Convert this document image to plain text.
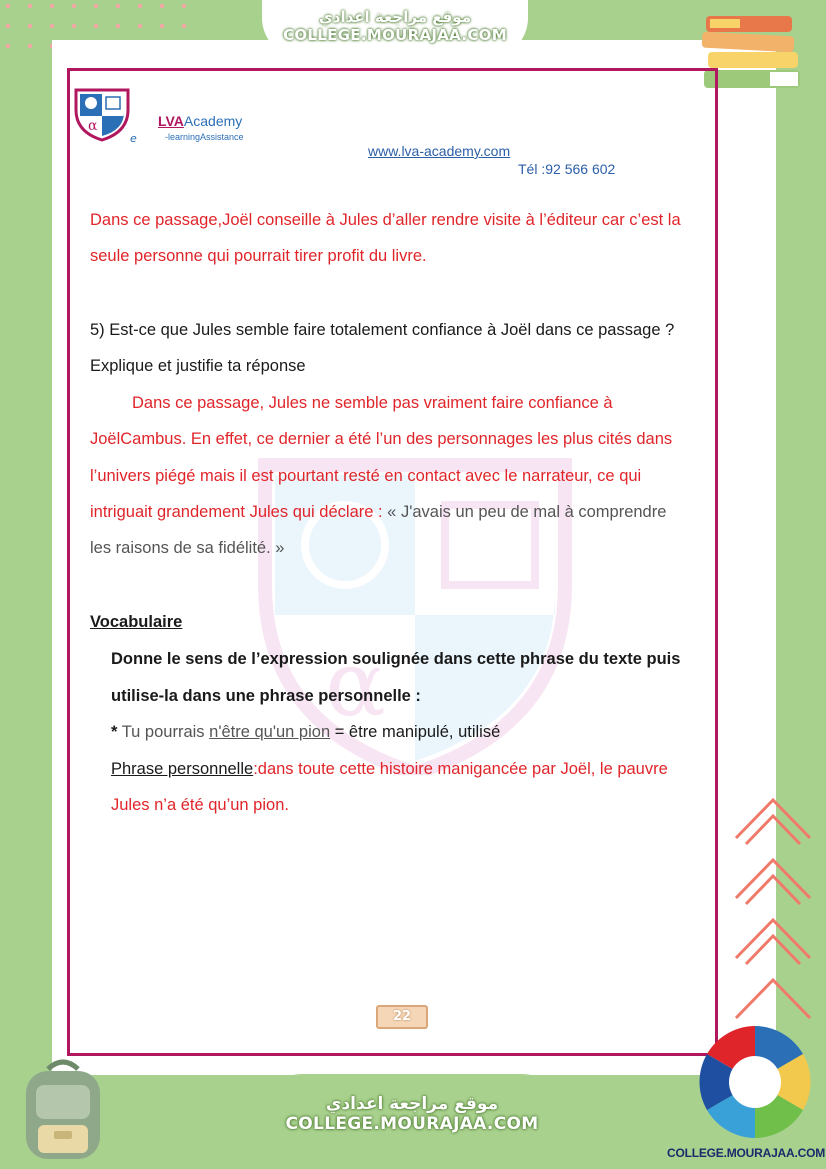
موقع مراجعة اعدادي
COLLEGE.MOURAJAA.COM
α	LVAAcademy
e	-learningAssistance
www.lva-academy.com
Tél :92 566 602
α
Dans ce passage,Joël conseille à Jules d’aller rendre visite à l’éditeur car c’est la
seule personne qui pourrait tirer profit du livre.
5) Est-ce que Jules semble faire totalement confiance à Joël dans ce passage ?
Explique et justifie ta réponse
Dans ce passage, Jules ne semble pas vraiment faire confiance à
JoëlCambus. En effet, ce dernier a été l’un des personnages les plus cités dans
l’univers piégé mais il est pourtant resté en contact avec le narrateur, ce qui
intriguait grandement Jules qui déclare : « J'avais un peu de mal à comprendre
les raisons de sa fidélité. »
Vocabulaire
Donne le sens de l’expression soulignée dans cette phrase du texte puis
utilise-la dans une phrase personnelle :
* Tu pourrais n'être qu'un pion = être manipulé, utilisé
Phrase personnelle:dans toute cette histoire manigancée par Joël, le pauvre
Jules n’a été qu’un pion.
22
موقع مراجعة اعدادي
COLLEGE.MOURAJAA.COM
COLLEGE.MOURAJAA.COM
